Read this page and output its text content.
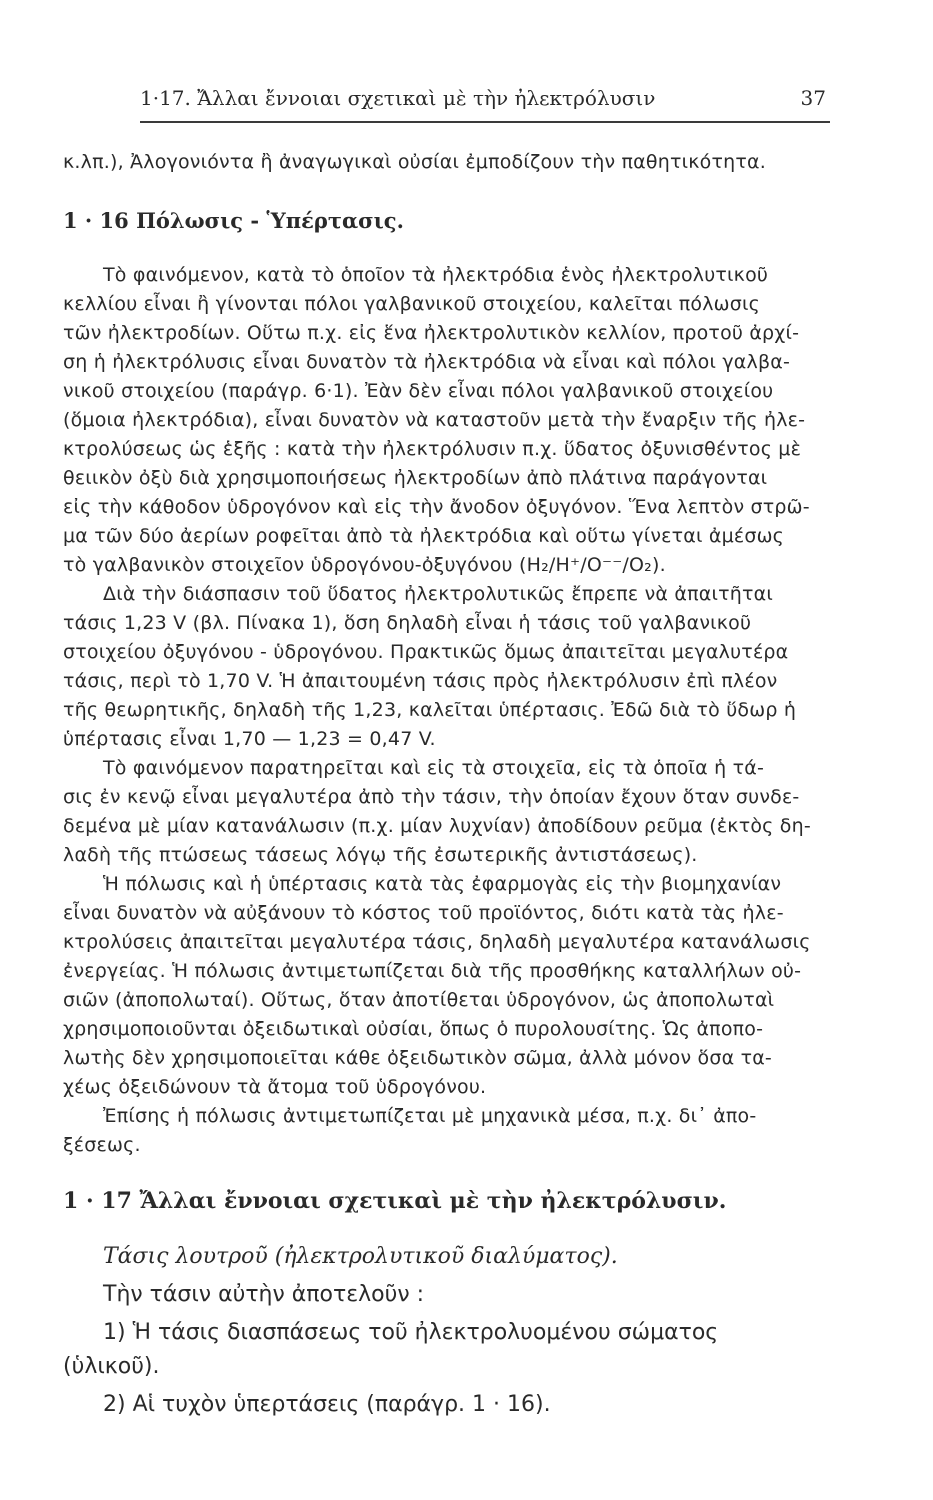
1·17. Ἄλλαι ἔννοιαι σχετικαὶ μὲ τὴν ἠλεκτρόλυσιν	37

κ.λπ.), Ἀλογονιόντα ἢ ἀναγωγικαὶ οὐσίαι ἐμποδίζουν τὴν παθητικότητα.

1 · 16 Πόλωσις - Ὑπέρτασις.

Τὸ φαινόμενον, κατὰ τὸ ὁποῖον τὰ ἠλεκτρόδια ἑνὸς ἠλεκτρολυτικοῦ

κελλίου εἶναι ἢ γίνονται πόλοι γαλβανικοῦ στοιχείου, καλεῖται πόλωσις

τῶν ἠλεκτροδίων. Οὕτω π.χ. εἰς ἕνα ἠλεκτρολυτικὸν κελλίον, προτοῦ ἀρχί-

ση ἡ ἠλεκτρόλυσις εἶναι δυνατὸν τὰ ἠλεκτρόδια νὰ εἶναι καὶ πόλοι γαλβα-

νικοῦ στοιχείου (παράγρ. 6·1). Ἐὰν δὲν εἶναι πόλοι γαλβανικοῦ στοιχείου

(ὅμοια ἠλεκτρόδια), εἶναι δυνατὸν νὰ καταστοῦν μετὰ τὴν ἔναρξιν τῆς ἠλε-

κτρολύσεως ὡς ἑξῆς : κατὰ τὴν ἠλεκτρόλυσιν π.χ. ὕδατος ὀξυνισθέντος μὲ

θειικὸν ὀξὺ διὰ χρησιμοποιήσεως ἠλεκτροδίων ἀπὸ πλάτινα παράγονται

εἰς τὴν κάθοδον ὑδρογόνον καὶ εἰς τὴν ἄνοδον ὀξυγόνον. Ἕνα λεπτὸν στρῶ-

μα τῶν δύο ἀερίων ροφεῖται ἀπὸ τὰ ἠλεκτρόδια καὶ οὕτω γίνεται ἀμέσως

τὸ γαλβανικὸν στοιχεῖον ὑδρογόνου-ὀξυγόνου (H₂/H⁺/O⁻⁻/O₂).

Διὰ τὴν διάσπασιν τοῦ ὕδατος ἠλεκτρολυτικῶς ἔπρεπε νὰ ἀπαιτῆται

τάσις 1,23 V (βλ. Πίνακα 1), ὅση δηλαδὴ εἶναι ἡ τάσις τοῦ γαλβανικοῦ

στοιχείου ὀξυγόνου - ὑδρογόνου. Πρακτικῶς ὅμως ἀπαιτεῖται μεγαλυτέρα

τάσις, περὶ τὸ 1,70 V. Ἡ ἀπαιτουμένη τάσις πρὸς ἠλεκτρόλυσιν ἐπὶ πλέον

τῆς θεωρητικῆς, δηλαδὴ τῆς 1,23, καλεῖται ὑπέρτασις. Ἐδῶ διὰ τὸ ὕδωρ ἡ

ὑπέρτασις εἶναι 1,70 — 1,23 = 0,47 V.

Τὸ φαινόμενον παρατηρεῖται καὶ εἰς τὰ στοιχεῖα, εἰς τὰ ὁποῖα ἡ τά-

σις ἐν κενῷ εἶναι μεγαλυτέρα ἀπὸ τὴν τάσιν, τὴν ὁποίαν ἔχουν ὅταν συνδε-

δεμένα μὲ μίαν κατανάλωσιν (π.χ. μίαν λυχνίαν) ἀποδίδουν ρεῦμα (ἐκτὸς δη-

λαδὴ τῆς πτώσεως τάσεως λόγῳ τῆς ἐσωτερικῆς ἀντιστάσεως).

Ἡ πόλωσις καὶ ἡ ὑπέρτασις κατὰ τὰς ἐφαρμογὰς εἰς τὴν βιομηχανίαν

εἶναι δυνατὸν νὰ αὐξάνουν τὸ κόστος τοῦ προϊόντος, διότι κατὰ τὰς ἠλε-

κτρολύσεις ἀπαιτεῖται μεγαλυτέρα τάσις, δηλαδὴ μεγαλυτέρα κατανάλωσις

ἐνεργείας. Ἡ πόλωσις ἀντιμετωπίζεται διὰ τῆς προσθήκης καταλλήλων οὐ-

σιῶν (ἀποπολωταί). Οὕτως, ὅταν ἀποτίθεται ὑδρογόνον, ὡς ἀποπολωταὶ

χρησιμοποιοῦνται ὀξειδωτικαὶ οὐσίαι, ὅπως ὁ πυρολουσίτης. Ὡς ἀποπο-

λωτὴς δὲν χρησιμοποιεῖται κάθε ὀξειδωτικὸν σῶμα, ἀλλὰ μόνον ὅσα τα-

χέως ὀξειδώνουν τὰ ἄτομα τοῦ ὑδρογόνου.

Ἐπίσης ἡ πόλωσις ἀντιμετωπίζεται μὲ μηχανικὰ μέσα, π.χ. δι᾽ ἀπο-

ξέσεως.

1 · 17 Ἄλλαι ἔννοιαι σχετικαὶ μὲ τὴν ἠλεκτρόλυσιν.

Τάσις λουτροῦ (ἠλεκτρολυτικοῦ διαλύματος).

Τὴν τάσιν αὐτὴν ἀποτελοῦν :

1) Ἡ τάσις διασπάσεως τοῦ ἠλεκτρολυομένου σώματος

(ὑλικοῦ).

2) Αἱ τυχὸν ὑπερτάσεις (παράγρ. 1 · 16).
